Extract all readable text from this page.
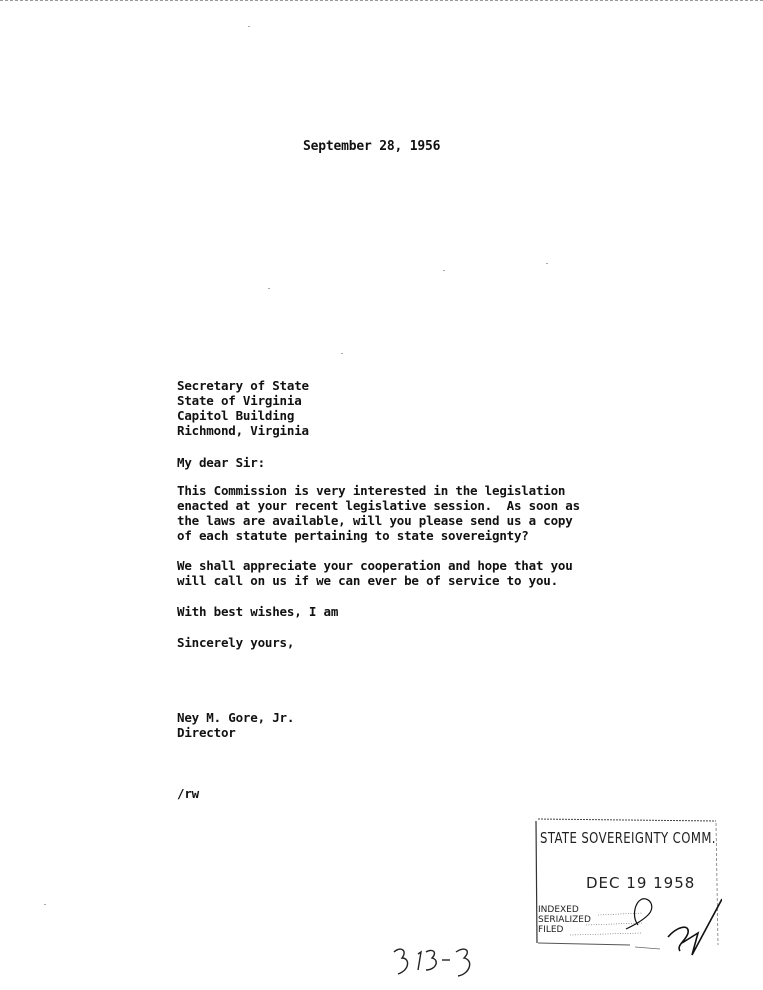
September 28, 1956
Secretary of State
State of Virginia
Capitol Building
Richmond, Virginia
My dear Sir:
This Commission is very interested in the legislation
enacted at your recent legislative session.  As soon as
the laws are available, will you please send us a copy
of each statute pertaining to state sovereignty?
We shall appreciate your cooperation and hope that you
will call on us if we can ever be of service to you.
With best wishes, I am
Sincerely yours,
Ney M. Gore, Jr.
Director
/rw
STATE SOVEREIGNTY COMM.
DEC 19 1958
INDEXED
SERIALIZED
FILED
